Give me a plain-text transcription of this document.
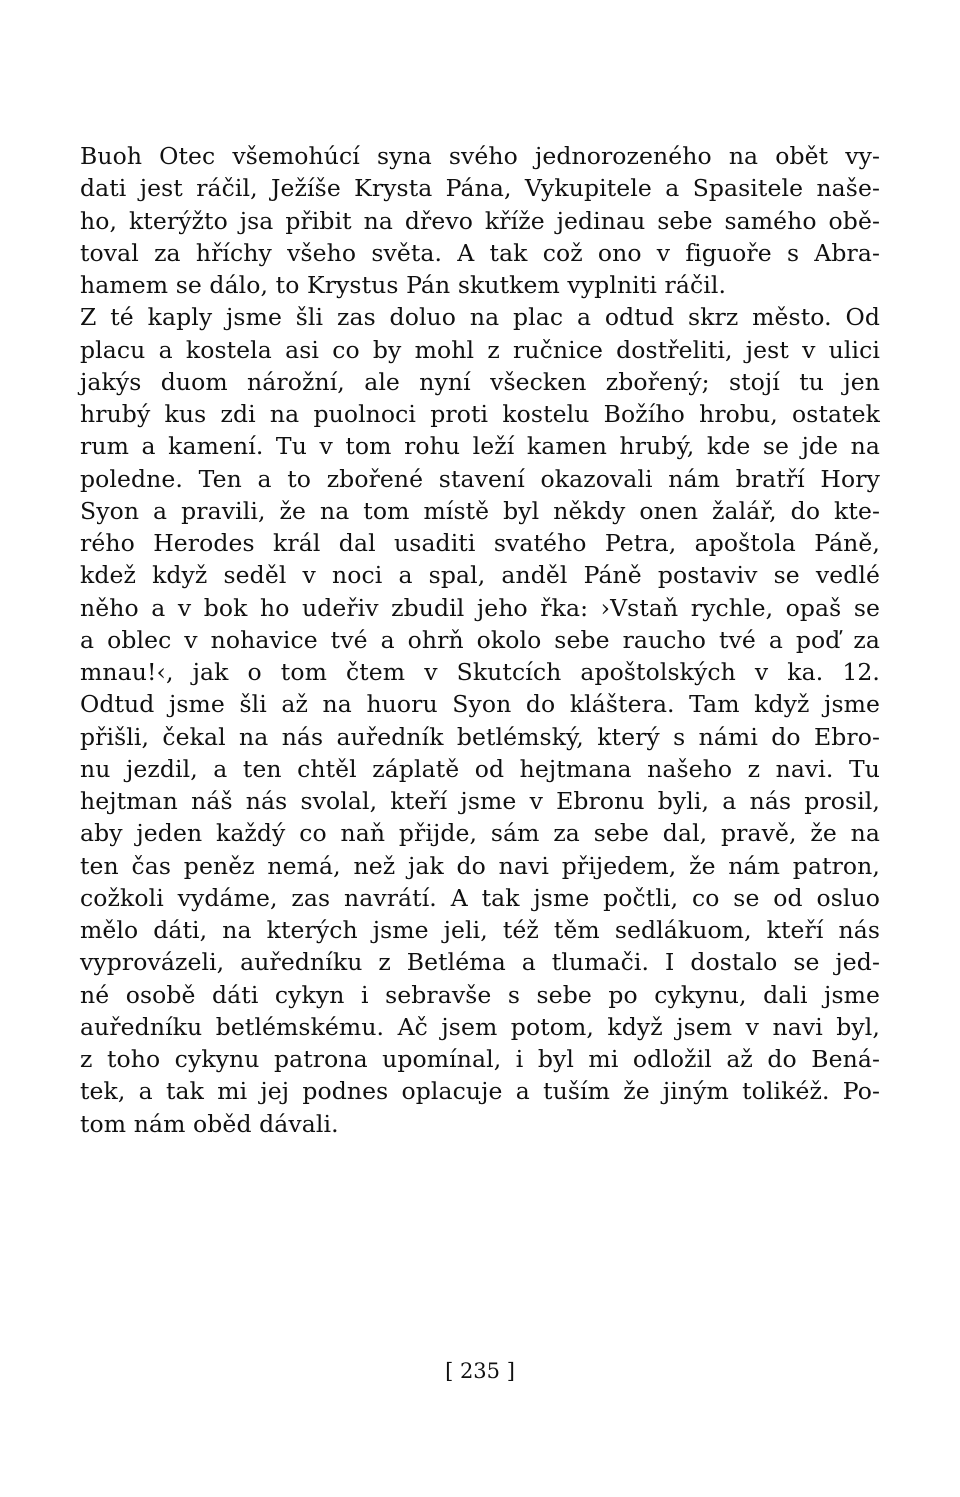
Buoh Otec všemohúcí syna svého jednorozeného na obět vy-
dati jest ráčil, Ježíše Krysta Pána, Vykupitele a Spasitele naše-
ho, kterýžto jsa přibit na dřevo kříže jedinau sebe samého obě-
toval za hříchy všeho světa. A tak což ono v figuoře s Abra-
hamem se dálo, to Krystus Pán skutkem vyplniti ráčil.
Z té kaply jsme šli zas doluo na plac a odtud skrz město. Od
placu a kostela asi co by mohl z ručnice dostřeliti, jest v ulici
jakýs duom nárožní, ale nyní všecken zbořený; stojí tu jen
hrubý kus zdi na puolnoci proti kostelu Božího hrobu, ostatek
rum a kamení. Tu v tom rohu leží kamen hrubý, kde se jde na
poledne. Ten a to zbořené stavení okazovali nám bratří Hory
Syon a pravili, že na tom místě byl někdy onen žalář, do kte-
rého Herodes král dal usaditi svatého Petra, apoštola Páně,
kdež když seděl v noci a spal, anděl Páně postaviv se vedlé
něho a v bok ho udeřiv zbudil jeho řka: ›Vstaň rychle, opaš se
a oblec v nohavice tvé a ohrň okolo sebe raucho tvé a poď za
mnau!‹, jak o tom čtem v Skutcích apoštolských v ka. 12.
Odtud jsme šli až na huoru Syon do kláštera. Tam když jsme
přišli, čekal na nás auředník betlémský, který s námi do Ebro-
nu jezdil, a ten chtěl záplatě od hejtmana našeho z navi. Tu
hejtman náš nás svolal, kteří jsme v Ebronu byli, a nás prosil,
aby jeden každý co naň přijde, sám za sebe dal, pravě, že na
ten čas peněz nemá, než jak do navi přijedem, že nám patron,
cožkoli vydáme, zas navrátí. A tak jsme počtli, co se od osluo
mělo dáti, na kterých jsme jeli, též těm sedlákuom, kteří nás
vyprovázeli, auředníku z Betléma a tlumači. I dostalo se jed-
né osobě dáti cykyn i sebravše s sebe po cykynu, dali jsme
auředníku betlémskému. Ač jsem potom, když jsem v navi byl,
z toho cykynu patrona upomínal, i byl mi odložil až do Bená-
tek, a tak mi jej podnes oplacuje a tuším že jiným tolikéž. Po-
tom nám oběd dávali.
[ 235 ]
